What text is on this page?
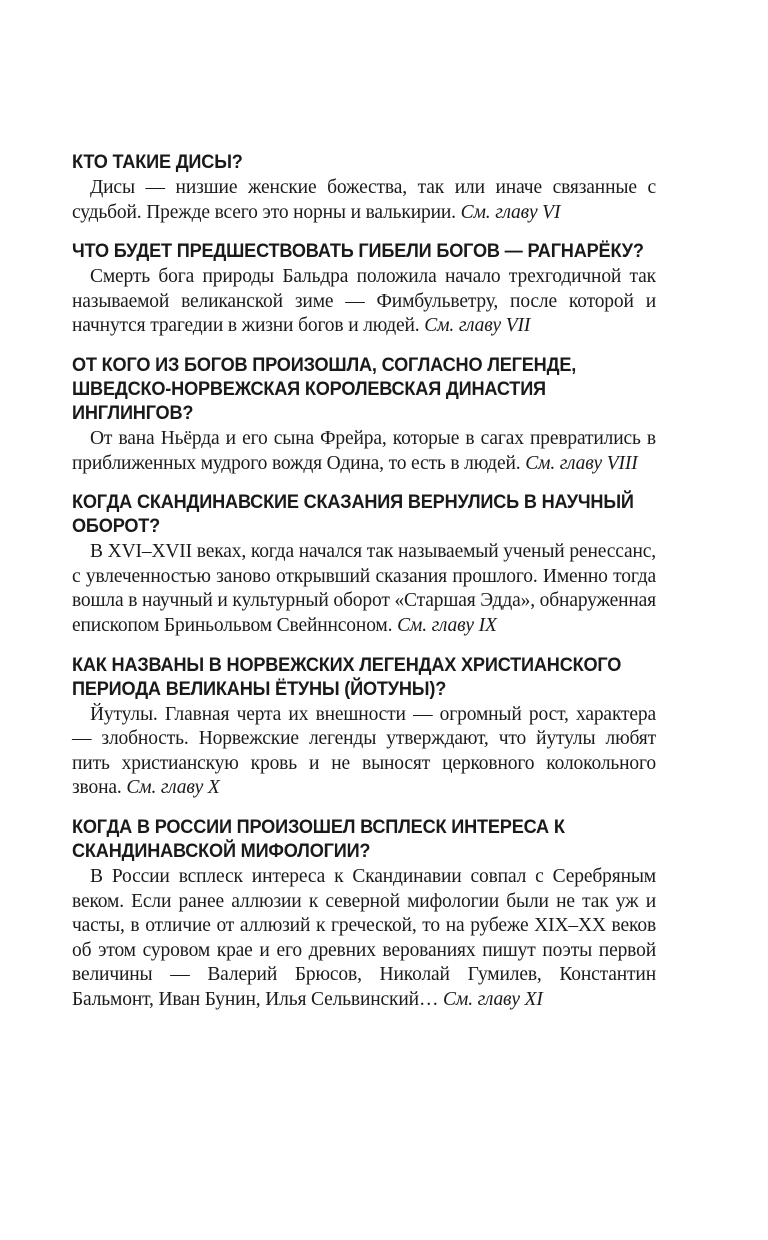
КТО ТАКИЕ ДИСЫ?

Дисы — низшие женские божества, так или иначе связанные с судьбой. Прежде всего это норны и валькирии. См. главу VI

ЧТО БУДЕТ ПРЕДШЕСТВОВАТЬ ГИБЕЛИ БОГОВ — РАГНАРЁКУ?

Смерть бога природы Бальдра положила начало трехгодичной так называемой великанской зиме — Фимбульветру, после которой и начнутся трагедии в жизни богов и людей. См. главу VII

ОТ КОГО ИЗ БОГОВ ПРОИЗОШЛА, СОГЛАСНО ЛЕГЕНДЕ, ШВЕДСКО-НОРВЕЖСКАЯ КОРОЛЕВСКАЯ ДИНАСТИЯ ИНГЛИНГОВ?

От вана Ньёрда и его сына Фрейра, которые в сагах превратились в приближенных мудрого вождя Одина, то есть в людей. См. главу VIII

КОГДА СКАНДИНАВСКИЕ СКАЗАНИЯ ВЕРНУЛИСЬ В НАУЧНЫЙ ОБОРОТ?

В XVI–XVII веках, когда начался так называемый ученый ренессанс, с увлеченностью заново открывший сказания прошлого. Именно тогда вошла в научный и культурный оборот «Старшая Эдда», обнаруженная епископом Бриньольвом Свейннсоном. См. главу IX

КАК НАЗВАНЫ В НОРВЕЖСКИХ ЛЕГЕНДАХ ХРИСТИАНСКОГО ПЕРИОДА ВЕЛИКАНЫ ЁТУНЫ (ЙОТУНЫ)?

Йутулы. Главная черта их внешности — огромный рост, характера — злобность. Норвежские легенды утверждают, что йутулы любят пить христианскую кровь и не выносят церковного колокольного звона. См. главу X

КОГДА В РОССИИ ПРОИЗОШЕЛ ВСПЛЕСК ИНТЕРЕСА К СКАНДИНАВСКОЙ МИФОЛОГИИ?

В России всплеск интереса к Скандинавии совпал с Серебряным веком. Если ранее аллюзии к северной мифологии были не так уж и часты, в отличие от аллюзий к греческой, то на рубеже XIX–XX веков об этом суровом крае и его древних верованиях пишут поэты первой величины — Валерий Брюсов, Николай Гумилев, Константин Бальмонт, Иван Бунин, Илья Сельвинский… См. главу XI
